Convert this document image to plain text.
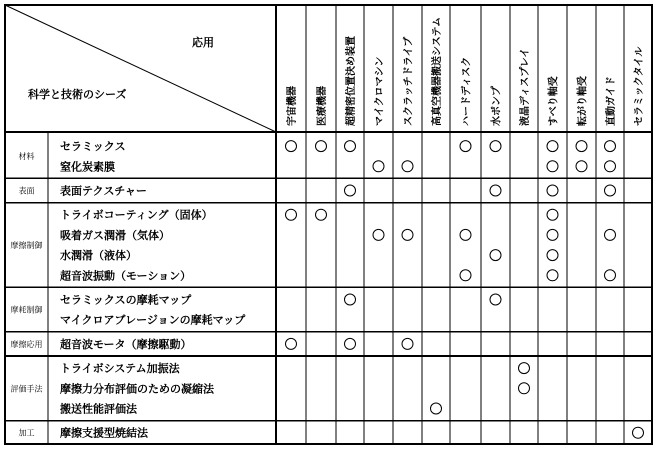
応用
科学と技術のシーズ	宇宙機器 医療機器 超精密位置決め装置 マイクロマシン スクラッチドライブ 高真空機器搬送システム ハードディスク 水ポンプ 液晶ディスプレイ すべり軸受 転がり軸受 直動ガイド セラミックタイル
材料
セラミックス
窒化炭素膜
表面 表面テクスチャー
摩擦制御
トライボコーティング（固体）
吸着ガス潤滑（気体）
水潤滑（液体）
超音波振動（モーション）
摩耗制御
セラミックスの摩耗マップ
マイクロアブレージョンの摩耗マップ
摩擦応用 超音波モータ（摩擦駆動）
評価手法
トライボシステム加振法
摩擦力分布評価のための凝縮法
搬送性能評価法
加工 摩擦支援型焼結法
